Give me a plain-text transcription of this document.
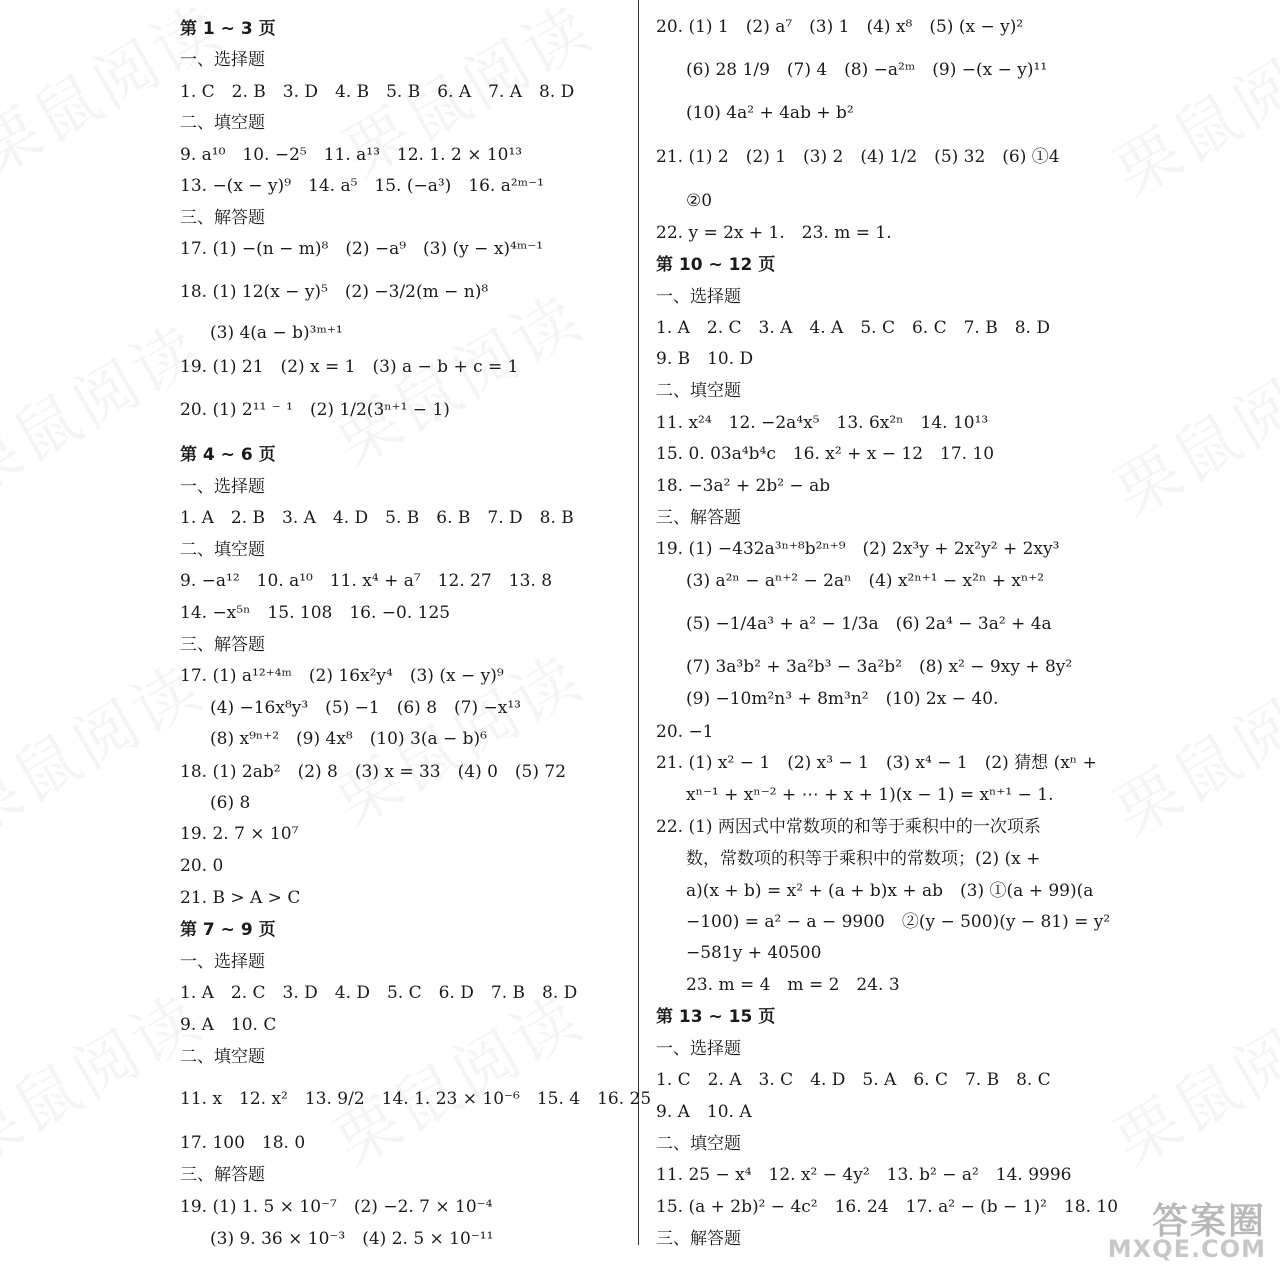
第 1 ~ 3 页
一、选择题
1. C　2. B　3. D　4. B　5. B　6. A　7. A　8. D
二、填空题
9. a¹⁰　10. −2⁵　11. a¹³　12. 1. 2 × 10¹³
13. −(x − y)⁹　14. a⁵　15. (−a³)　16. a²ᵐ⁻¹
三、解答题
17. (1) −(n − m)⁸　(2) −a⁹　(3) (y − x)⁴ᵐ⁻¹
18. (1) 12(x − y)⁵　(2) −3/2(m − n)⁸
(3) 4(a − b)³ᵐ⁺¹
19. (1) 21　(2) x = 1　(3) a − b + c = 1
20. (1) 2¹¹ ⁻ ¹　(2) 1/2(3ⁿ⁺¹ − 1)
第 4 ~ 6 页
一、选择题
1. A　2. B　3. A　4. D　5. B　6. B　7. D　8. B
二、填空题
9. −a¹²　10. a¹⁰　11. x⁴ + a⁷　12. 27　13. 8
14. −x⁵ⁿ　15. 108　16. −0. 125
三、解答题
17. (1) a¹²⁺⁴ᵐ　(2) 16x²y⁴　(3) (x − y)⁹
(4) −16x⁸y³　(5) −1　(6) 8　(7) −x¹³
(8) x⁹ⁿ⁺²　(9) 4x⁸　(10) 3(a − b)⁶
18. (1) 2ab²　(2) 8　(3) x = 33　(4) 0　(5) 72
(6) 8
19. 2. 7 × 10⁷
20. 0
21. B > A > C
第 7 ~ 9 页
一、选择题
1. A　2. C　3. D　4. D　5. C　6. D　7. B　8. D
9. A　10. C
二、填空题
11. x　12. x²　13. 9/2　14. 1. 23 × 10⁻⁶　15. 4　16. 25
17. 100　18. 0
三、解答题
19. (1) 1. 5 × 10⁻⁷　(2) −2. 7 × 10⁻⁴
(3) 9. 36 × 10⁻³　(4) 2. 5 × 10⁻¹¹
20. (1) 1　(2) a⁷　(3) 1　(4) x⁸　(5) (x − y)²
(6) 28 1/9　(7) 4　(8) −a²ᵐ　(9) −(x − y)¹¹
(10) 4a² + 4ab + b²
21. (1) 2　(2) 1　(3) 2　(4) 1/2　(5) 32　(6) ①4
②0
22. y = 2x + 1.　23. m = 1.
第 10 ~ 12 页
一、选择题
1. A　2. C　3. A　4. A　5. C　6. C　7. B　8. D
9. B　10. D
二、填空题
11. x²⁴　12. −2a⁴x⁵　13. 6x²ⁿ　14. 10¹³
15. 0. 03a⁴b⁴c　16. x² + x − 12　17. 10
18. −3a² + 2b² − ab
三、解答题
19. (1) −432a³ⁿ⁺⁸b²ⁿ⁺⁹　(2) 2x³y + 2x²y² + 2xy³
(3) a²ⁿ − aⁿ⁺² − 2aⁿ　(4) x²ⁿ⁺¹ − x²ⁿ + xⁿ⁺²
(5) −1/4a³ + a² − 1/3a　(6) 2a⁴ − 3a² + 4a
(7) 3a³b² + 3a²b³ − 3a²b²　(8) x² − 9xy + 8y²
(9) −10m²n³ + 8m³n²　(10) 2x − 40.
20. −1
21. (1) x² − 1　(2) x³ − 1　(3) x⁴ − 1　(2) 猜想 (xⁿ +
xⁿ⁻¹ + xⁿ⁻² + ⋯ + x + 1)(x − 1) = xⁿ⁺¹ − 1.
22. (1) 两因式中常数项的和等于乘积中的一次项系
数，常数项的积等于乘积中的常数项；(2) (x +
a)(x + b) = x² + (a + b)x + ab　(3) ①(a + 99)(a
−100) = a² − a − 9900　②(y − 500)(y − 81) = y²
−581y + 40500
23. m = 4　m = 2　24. 3
第 13 ~ 15 页
一、选择题
1. C　2. A　3. C　4. D　5. A　6. C　7. B　8. C
9. A　10. A
二、填空题
11. 25 − x⁴　12. x² − 4y²　13. b² − a²　14. 9996
15. (a + 2b)² − 4c²　16. 24　17. a² − (b − 1)²　18. 10
三、解答题	答案圈
MXQE.COM
